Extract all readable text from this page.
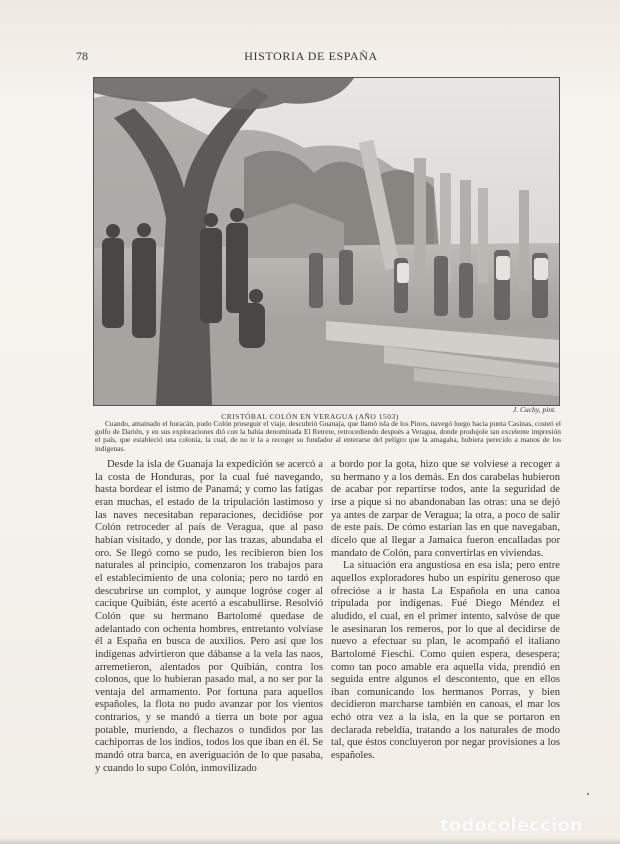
78	HISTORIA DE ESPAÑA
J. Cuchy, pint.
CRISTÓBAL COLÓN EN VERAGUA (AÑO 1503)
Cuando, amainado el huracán, pudo Colón proseguir el viaje, descubrió Guanaja, que llamó isla de los Pinos, navegó luego hacia punta Casinas, costeó el golfo de Darién, y en sus exploraciones dió con la bahía denominada El Retrete, retrocediendo después a Veragua, donde produjole tan excelente impresión el país, que estableció una colonia, la cual, de no ir la a recoger su fundador al enterarse del peligro que la amagaba, hubiera perecido a manos de los indígenas.

Desde la isla de Guanaja la expedición se acercó a la costa de Honduras, por la cual fué navegando, hasta bordear el istmo de Panamá; y como las fatigas eran muchas, el estado de la tripulación lastimoso y las naves necesitaban reparaciones, decidióse por Colón retroceder al país de Veragua, que al paso habían visitado, y donde, por las trazas, abundaba el oro. Se llegó como se pudo, les recibieron bien los naturales al principio, comenzaron los trabajos para el establecimiento de una colonia; pero no tardó en descubrirse un complot, y aunque logróse coger al cacique Quibián, éste acertó a escabullirse. Resolvió Colón que su hermano Bartolomé quedase de adelantado con ochenta hombres, entretanto volvíase él a España en busca de auxilios. Pero así que los indígenas advirtieron que dábanse a la vela las naos, arremetieron, alentados por Quibián, contra los colonos, que lo hubieran pasado mal, a no ser por la ventaja del armamento. Por fortuna para aquellos españoles, la flota no pudo avanzar por los vientos contrarios, y se mandó a tierra un bote por agua potable, muriendo, a flechazos o tundidos por las cachiporras de los indios, todos los que iban en él. Se mandó otra barca, en averiguación de lo que pasaba, y cuando lo supo Colón, inmovilizado

a bordo por la gota, hizo que se volviese a recoger a su hermano y a los demás. En dos carabelas hubieron de acabar por repartirse todos, ante la seguridad de irse a pique si no abandonaban las otras: una se dejó ya antes de zarpar de Veragua; la otra, a poco de salir de este país. De cómo estarían las en que navegaban, dícelo que al llegar a Jamaica fueron encalladas por mandato de Colón, para convertirlas en viviendas.

La situación era angustiosa en esa isla; pero entre aquellos exploradores hubo un espíritu generoso que ofrecióse a ir hasta La Española en una canoa tripulada por indígenas. Fué Diego Méndez el aludido, el cual, en el primer intento, salvóse de que le asesinaran los remeros, por lo que al decidirse de nuevo a efectuar su plan, le acompañó el italiano Bartolomé Fieschi. Como quien espera, desespera; como tan poco amable era aquella vida, prendió en seguida entre algunos el descontento, que en ellos iban comunicando los hermanos Porras, y bien decidieron marcharse también en canoas, el mar los echó otra vez a la isla, en la que se portaron en declarada rebeldía, tratando a los naturales de modo tal, que éstos concluyeron por negar provisiones a los españoles.

todocoleccion
